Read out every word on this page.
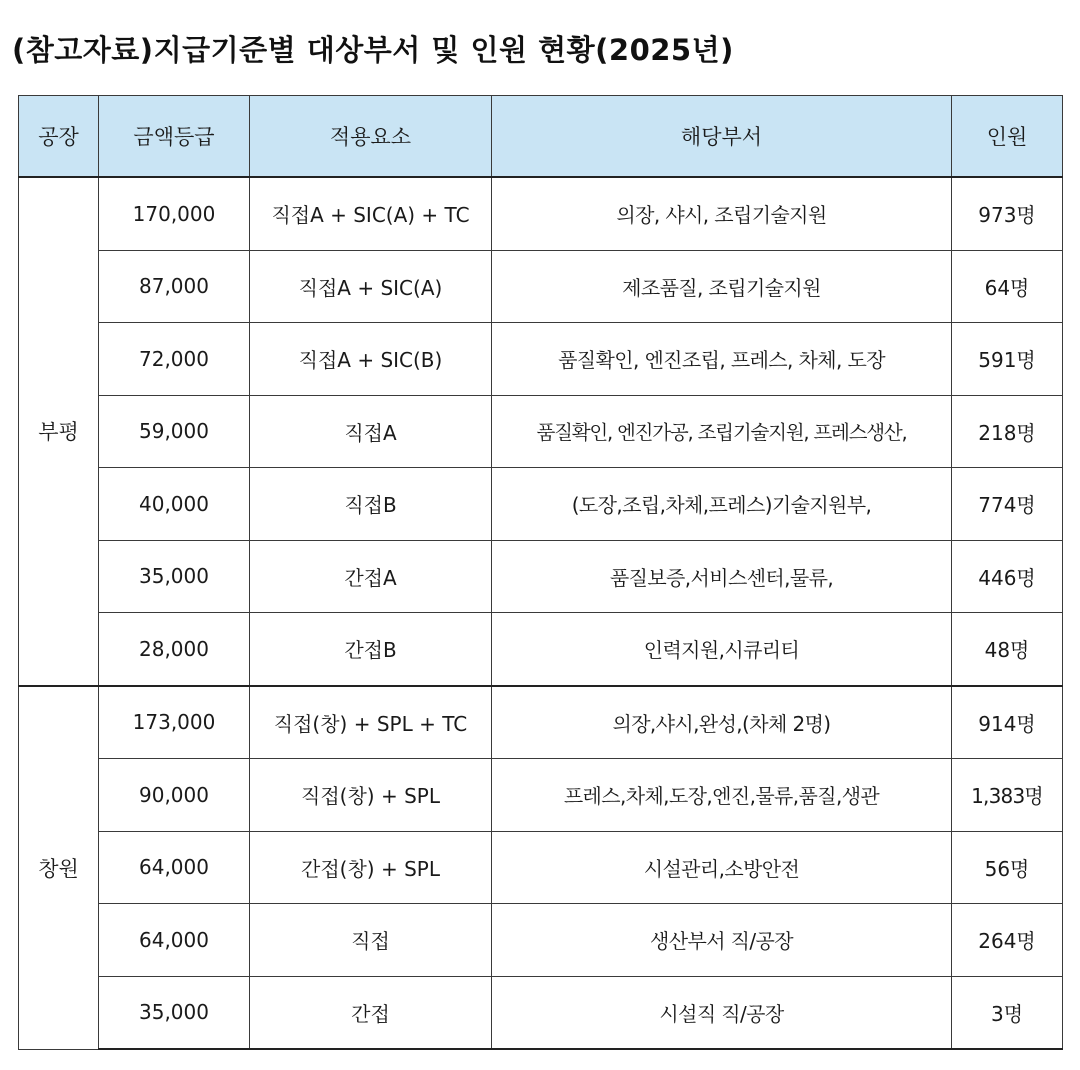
(참고자료)지급기준별 대상부서 및 인원 현황(2025년)
공장	금액등급	적용요소	해당부서	인원
부평	170,000	직접A + SIC(A) + TC	의장, 샤시, 조립기술지원	973명
	87,000	직접A + SIC(A)	제조품질, 조립기술지원	64명
	72,000	직접A + SIC(B)	품질확인, 엔진조립, 프레스, 차체, 도장	591명
	59,000	직접A	품질확인, 엔진가공, 조립기술지원, 프레스생산,	218명
	40,000	직접B	(도장,조립,차체,프레스)기술지원부,	774명
	35,000	간접A	품질보증,서비스센터,물류,	446명
	28,000	간접B	인력지원,시큐리티	48명
창원	173,000	직접(창) + SPL + TC	의장,샤시,완성,(차체 2명)	914명
	90,000	직접(창) + SPL	프레스,차체,도장,엔진,물류,품질,생관	1,383명
	64,000	간접(창) + SPL	시설관리,소방안전	56명
	64,000	직접	생산부서 직/공장	264명
	35,000	간접	시설직 직/공장	3명
